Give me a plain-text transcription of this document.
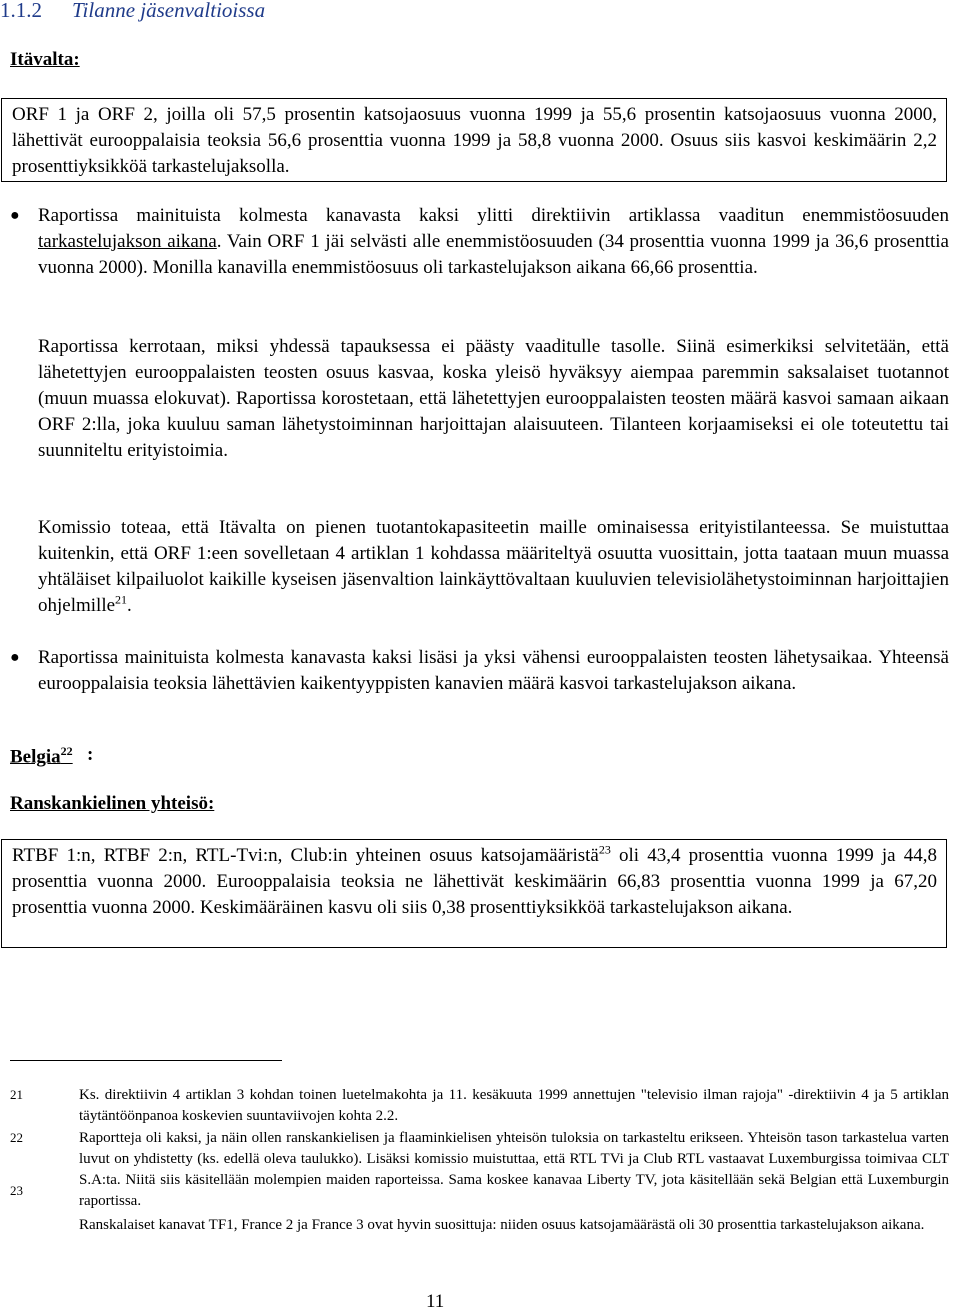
1.1.2 Tilanne jäsenvaltioissa
Itävalta:
ORF 1 ja ORF 2, joilla oli 57,5 prosentin katsojaosuus vuonna 1999 ja 55,6 prosentin katsojaosuus vuonna 2000, lähettivät eurooppalaisia teoksia 56,6 prosenttia vuonna 1999 ja 58,8 vuonna 2000. Osuus siis kasvoi keskimäärin 2,2 prosenttiyksikköä tarkastelujaksolla.
● Raportissa mainituista kolmesta kanavasta kaksi ylitti direktiivin artiklassa vaaditun enemmistöosuuden tarkastelujakson aikana. Vain ORF 1 jäi selvästi alle enemmistöosuuden (34 prosenttia vuonna 1999 ja 36,6 prosenttia vuonna 2000). Monilla kanavilla enemmistöosuus oli tarkastelujakson aikana 66,66 prosenttia.
Raportissa kerrotaan, miksi yhdessä tapauksessa ei päästy vaaditulle tasolle. Siinä esimerkiksi selvitetään, että lähetettyjen eurooppalaisten teosten osuus kasvaa, koska yleisö hyväksyy aiempaa paremmin saksalaiset tuotannot (muun muassa elokuvat). Raportissa korostetaan, että lähetettyjen eurooppalaisten teosten määrä kasvoi samaan aikaan ORF 2:lla, joka kuuluu saman lähetystoiminnan harjoittajan alaisuuteen. Tilanteen korjaamiseksi ei ole toteutettu tai suunniteltu erityistoimia.
Komissio toteaa, että Itävalta on pienen tuotantokapasiteetin maille ominaisessa erityistilanteessa. Se muistuttaa kuitenkin, että ORF 1:een sovelletaan 4 artiklan 1 kohdassa määriteltyä osuutta vuosittain, jotta taataan muun muassa yhtäläiset kilpailuolot kaikille kyseisen jäsenvaltion lainkäyttövaltaan kuuluvien televisiolähetystoiminnan harjoittajien ohjelmille$^{21}$.
● Raportissa mainituista kolmesta kanavasta kaksi lisäsi ja yksi vähensi eurooppalaisten teosten lähetysaikaa. Yhteensä eurooppalaisia teoksia lähettävien kaikentyyppisten kanavien määrä kasvoi tarkastelujakson aikana.
Belgia$^{22}$ :
Ranskankielinen yhteisö:
RTBF 1:n, RTBF 2:n, RTL-Tvi:n, Club:in yhteinen osuus katsojamääristä$^{23}$ oli 43,4 prosenttia vuonna 1999 ja 44,8 prosenttia vuonna 2000. Eurooppalaisia teoksia ne lähettivät keskimäärin 66,83 prosenttia vuonna 1999 ja 67,20 prosenttia vuonna 2000. Keskimääräinen kasvu oli siis 0,38 prosenttiyksikköä tarkastelujakson aikana.
21	Ks. direktiivin 4 artiklan 3 kohdan toinen luetelmakohta ja 11. kesäkuuta 1999 annettujen "televisio ilman rajoja" -direktiivin 4 ja 5 artiklan täytäntöönpanoa koskevien suuntaviivojen kohta 2.2.
22	Raportteja oli kaksi, ja näin ollen ranskankielisen ja flaaminkielisen yhteisön tuloksia on tarkasteltu erikseen. Yhteisön tason tarkastelua varten luvut on yhdistetty (ks. edellä oleva taulukko). Lisäksi komissio muistuttaa, että RTL TVi ja Club RTL vastaavat Luxemburgissa toimivaa CLT S.A:ta. Niitä siis käsitellään molempien maiden raporteissa. Sama koskee kanavaa Liberty TV, jota käsitellään sekä Belgian että Luxemburgin raportissa.
23
Ranskalaiset kanavat TF1, France 2 ja France 3 ovat hyvin suosittuja: niiden osuus katsojamäärästä oli 30 prosenttia tarkastelujakson aikana.
11
